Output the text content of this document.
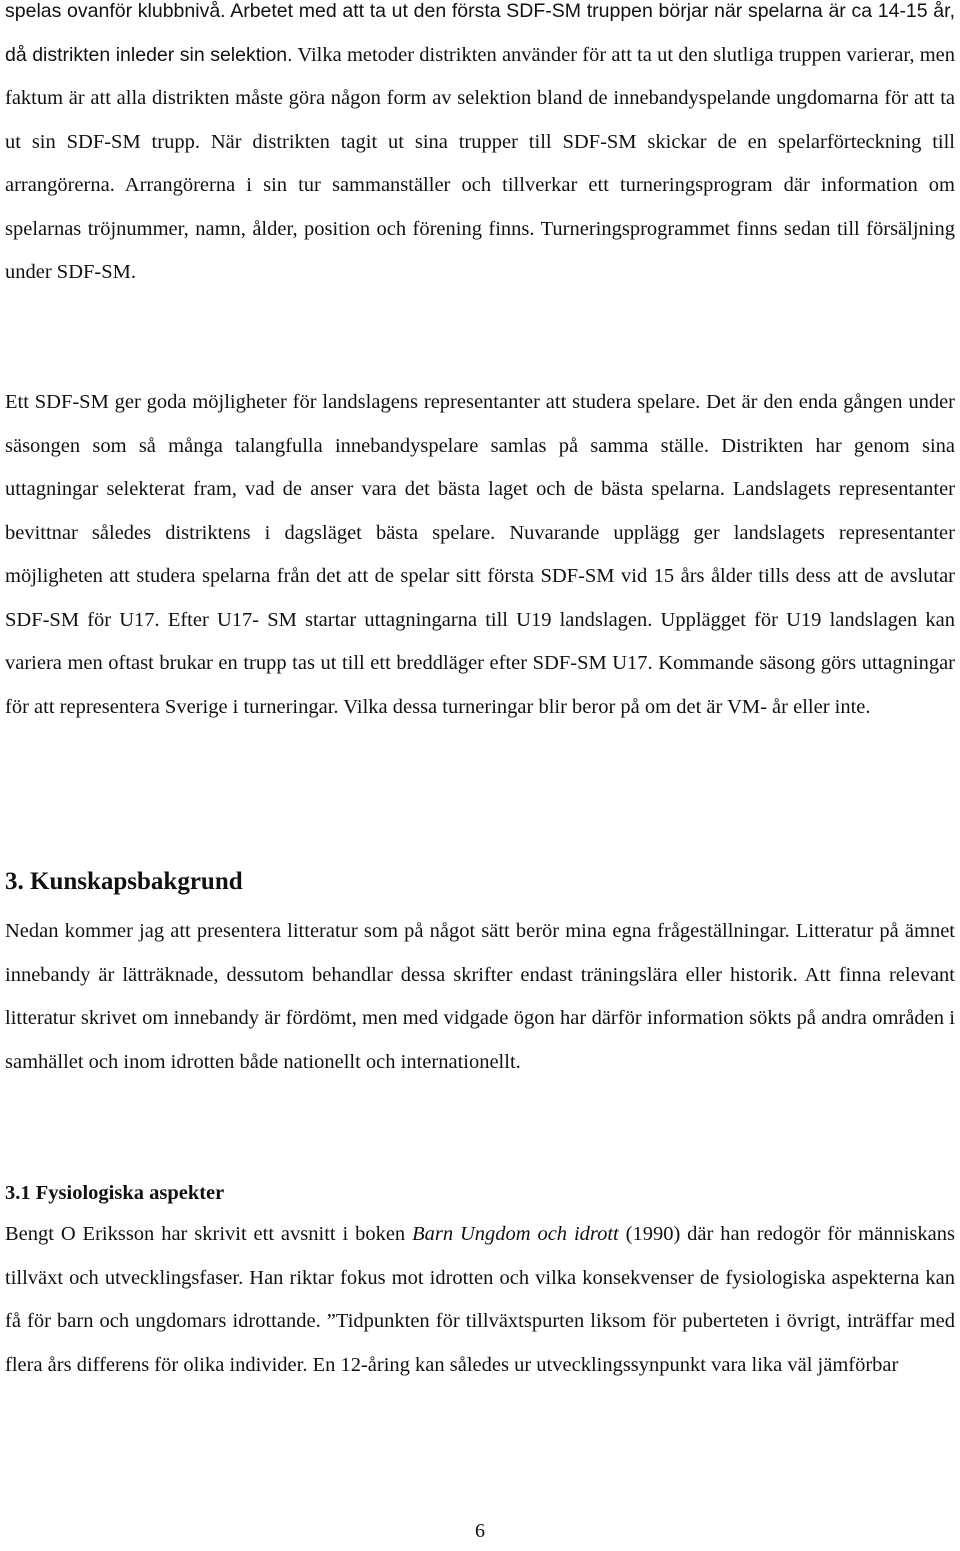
spelas ovanför klubbnivå. Arbetet med att ta ut den första SDF-SM truppen börjar när spelarna är ca 14-15 år, då distrikten inleder sin selektion. Vilka metoder distrikten använder för att ta ut den slutliga truppen varierar, men faktum är att alla distrikten måste göra någon form av selektion bland de innebandyspelande ungdomarna för att ta ut sin SDF-SM trupp. När distrikten tagit ut sina trupper till SDF-SM skickar de en spelarförteckning till arrangörerna. Arrangörerna i sin tur sammanställer och tillverkar ett turneringsprogram där information om spelarnas tröjnummer, namn, ålder, position och förening finns. Turneringsprogrammet finns sedan till försäljning under SDF-SM.

Ett SDF-SM ger goda möjligheter för landslagens representanter att studera spelare. Det är den enda gången under säsongen som så många talangfulla innebandyspelare samlas på samma ställe. Distrikten har genom sina uttagningar selekterat fram, vad de anser vara det bästa laget och de bästa spelarna. Landslagets representanter bevittnar således distriktens i dagsläget bästa spelare. Nuvarande upplägg ger landslagets representanter möjligheten att studera spelarna från det att de spelar sitt första SDF-SM vid 15 års ålder tills dess att de avslutar SDF-SM för U17. Efter U17- SM startar uttagningarna till U19 landslagen. Upplägget för U19 landslagen kan variera men oftast brukar en trupp tas ut till ett breddläger efter SDF-SM U17. Kommande säsong görs uttagningar för att representera Sverige i turneringar. Vilka dessa turneringar blir beror på om det är VM- år eller inte.

3. Kunskapsbakgrund

Nedan kommer jag att presentera litteratur som på något sätt berör mina egna frågeställningar. Litteratur på ämnet innebandy är lätträknade, dessutom behandlar dessa skrifter endast träningslära eller historik. Att finna relevant litteratur skrivet om innebandy är fördömt, men med vidgade ögon har därför information sökts på andra områden i samhället och inom idrotten både nationellt och internationellt.

3.1 Fysiologiska aspekter

Bengt O Eriksson har skrivit ett avsnitt i boken Barn Ungdom och idrott (1990) där han redogör för människans tillväxt och utvecklingsfaser. Han riktar fokus mot idrotten och vilka konsekvenser de fysiologiska aspekterna kan få för barn och ungdomars idrottande. ”Tidpunkten för tillväxtspurten liksom för puberteten i övrigt, inträffar med flera års differens för olika individer. En 12-åring kan således ur utvecklingssynpunkt vara lika väl jämförbar

6
